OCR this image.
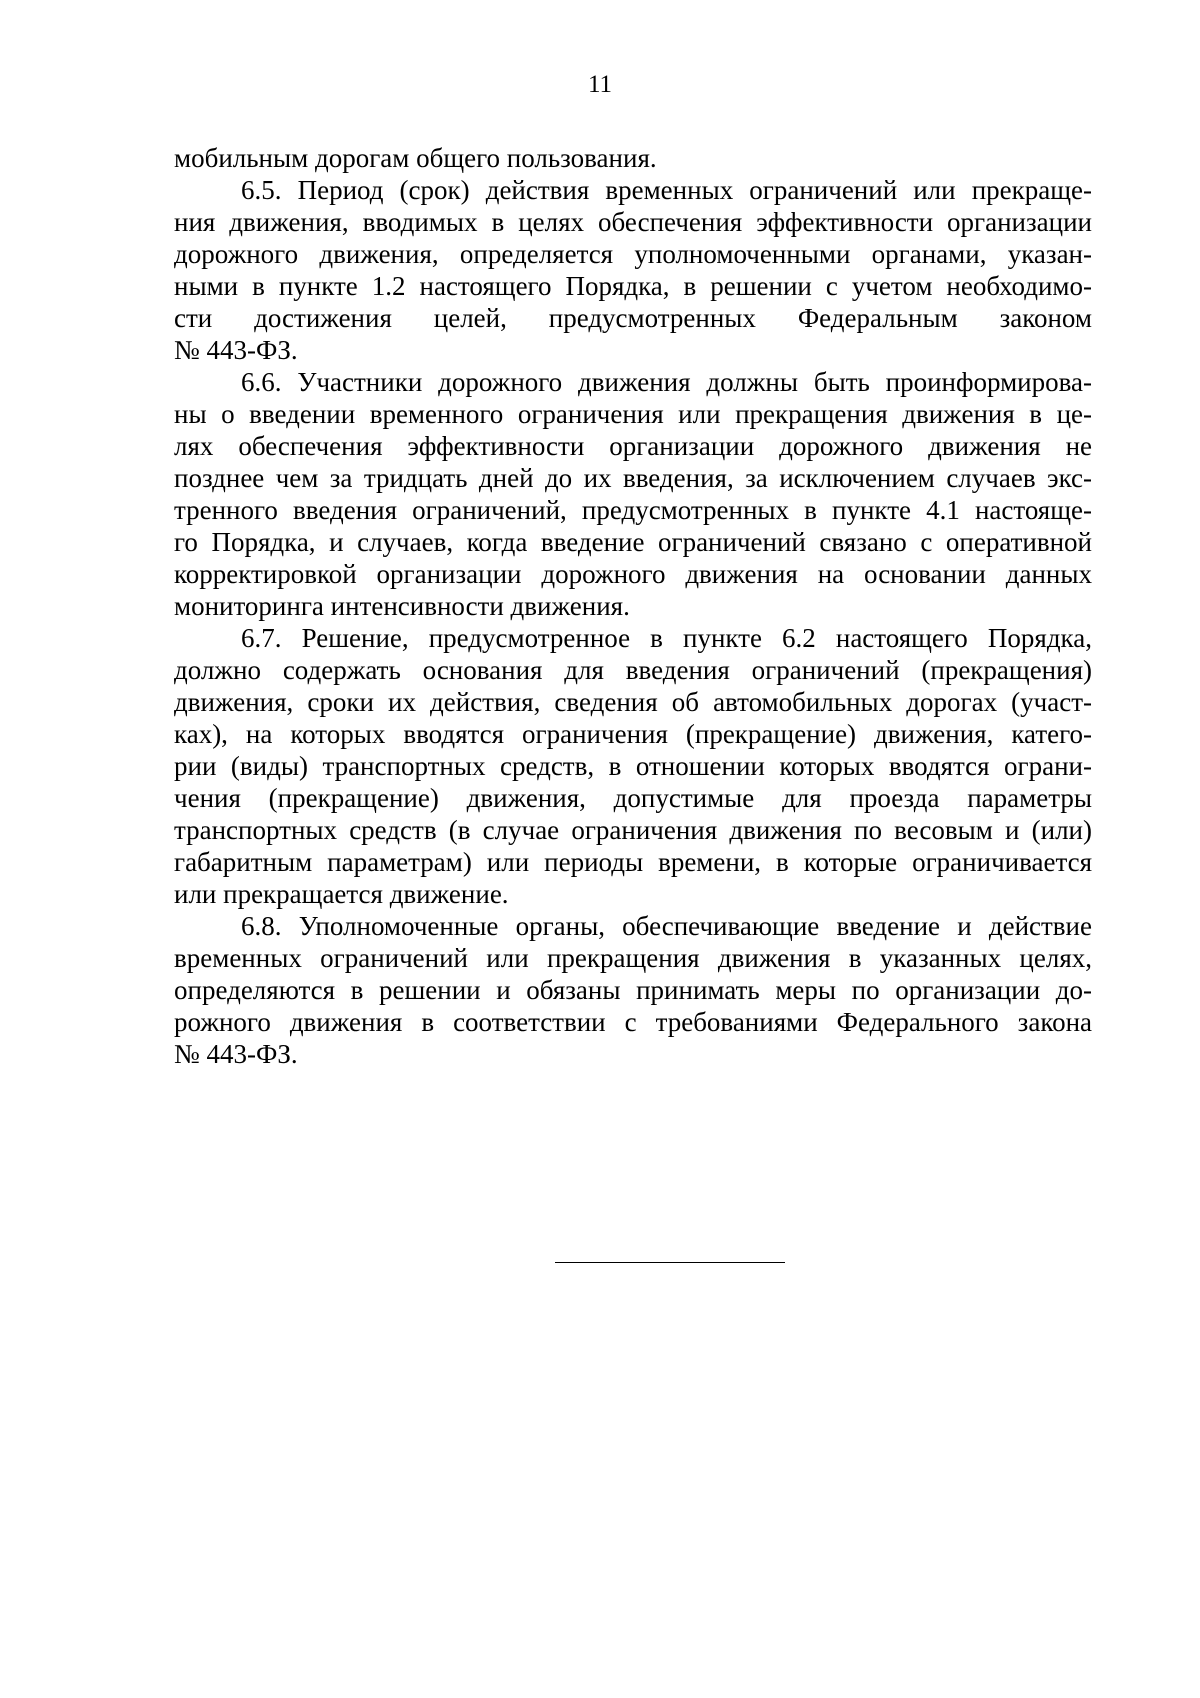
11
мобильным дорогам общего пользования.
6.5. Период (срок) действия временных ограничений или прекраще-
ния движения, вводимых в целях обеспечения эффективности организации
дорожного движения, определяется уполномоченными органами, указан-
ными в пункте 1.2 настоящего Порядка, в решении с учетом необходимо-
сти достижения целей, предусмотренных Федеральным законом
№ 443-ФЗ.
6.6. Участники дорожного движения должны быть проинформирова-
ны о введении временного ограничения или прекращения движения в це-
лях обеспечения эффективности организации дорожного движения не
позднее чем за тридцать дней до их введения, за исключением случаев экс-
тренного введения ограничений, предусмотренных в пункте 4.1 настояще-
го Порядка, и случаев, когда введение ограничений связано с оперативной
корректировкой организации дорожного движения на основании данных
мониторинга интенсивности движения.
6.7. Решение, предусмотренное в пункте 6.2 настоящего Порядка,
должно содержать основания для введения ограничений (прекращения)
движения, сроки их действия, сведения об автомобильных дорогах (участ-
ках), на которых вводятся ограничения (прекращение) движения, катего-
рии (виды) транспортных средств, в отношении которых вводятся ограни-
чения (прекращение) движения, допустимые для проезда параметры
транспортных средств (в случае ограничения движения по весовым и (или)
габаритным параметрам) или периоды времени, в которые ограничивается
или прекращается движение.
6.8. Уполномоченные органы, обеспечивающие введение и действие
временных ограничений или прекращения движения в указанных целях,
определяются в решении и обязаны принимать меры по организации до-
рожного движения в соответствии с требованиями Федерального закона
№ 443-ФЗ.
